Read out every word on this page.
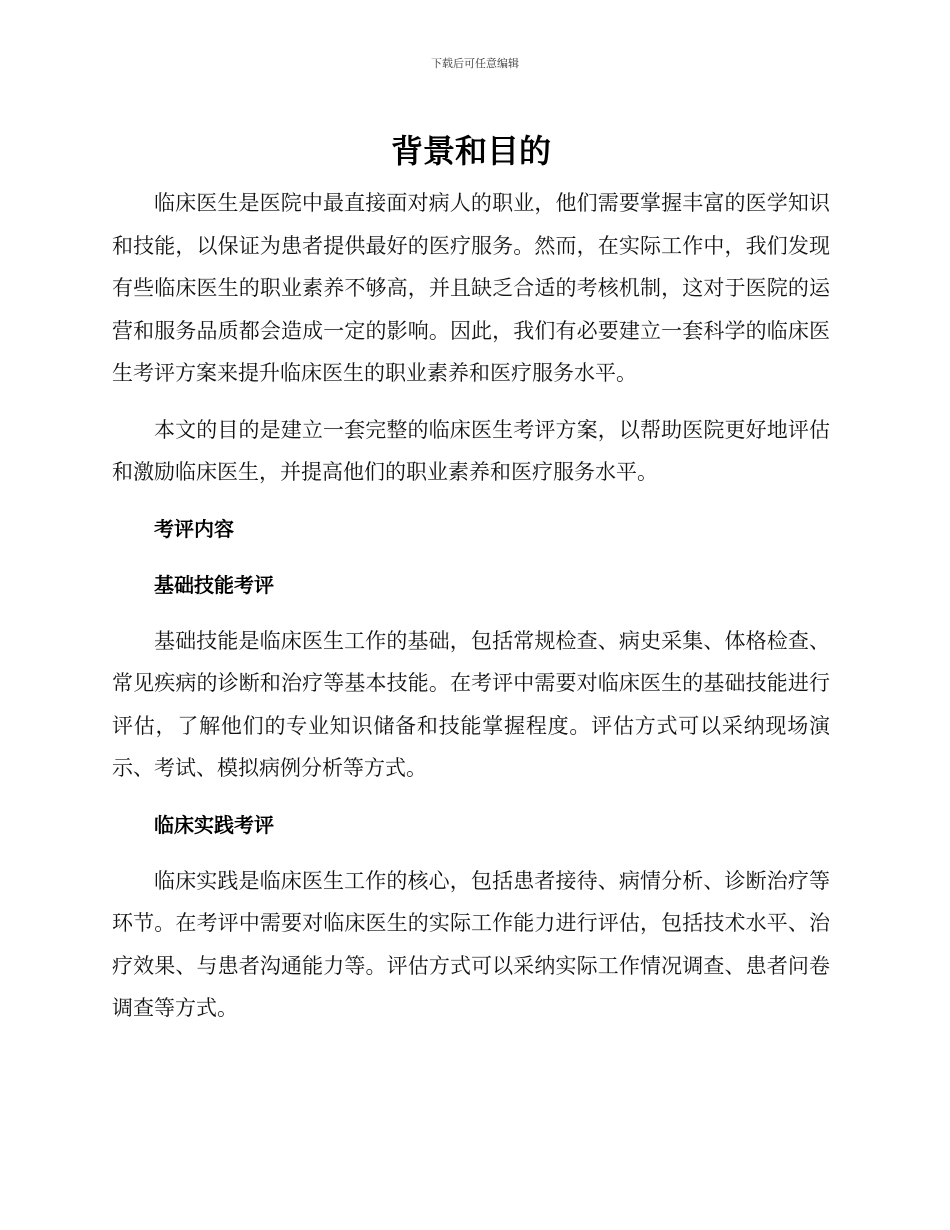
下载后可任意编辑
背景和目的

临床医生是医院中最直接面对病人的职业，他们需要掌握丰富的医学知识和技能，以保证为患者提供最好的医疗服务。然而，在实际工作中，我们发现有些临床医生的职业素养不够高，并且缺乏合适的考核机制，这对于医院的运营和服务品质都会造成一定的影响。因此，我们有必要建立一套科学的临床医生考评方案来提升临床医生的职业素养和医疗服务水平。

本文的目的是建立一套完整的临床医生考评方案，以帮助医院更好地评估和激励临床医生，并提高他们的职业素养和医疗服务水平。

考评内容
基础技能考评

基础技能是临床医生工作的基础，包括常规检查、病史采集、体格检查、常见疾病的诊断和治疗等基本技能。在考评中需要对临床医生的基础技能进行评估，了解他们的专业知识储备和技能掌握程度。评估方式可以采纳现场演示、考试、模拟病例分析等方式。

临床实践考评

临床实践是临床医生工作的核心，包括患者接待、病情分析、诊断治疗等环节。在考评中需要对临床医生的实际工作能力进行评估，包括技术水平、治疗效果、与患者沟通能力等。评估方式可以采纳实际工作情况调查、患者问卷调查等方式。
